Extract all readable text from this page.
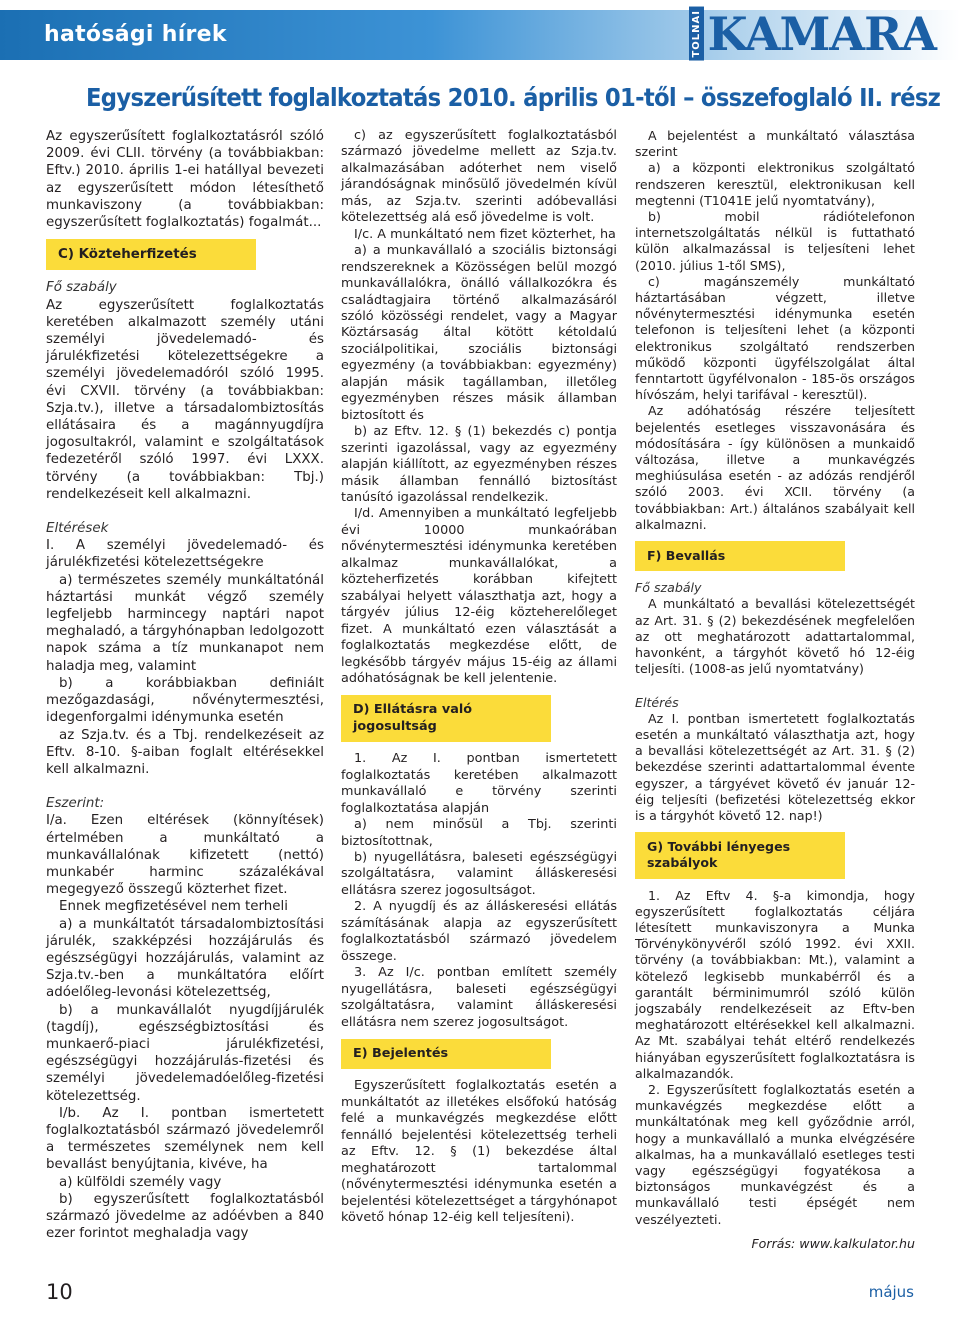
hatósági hírek	TOLNAI KAMARA
Egyszerűsített foglalkoztatás 2010. április 01-től – összefoglaló II. rész
Az egyszerűsített foglalkoztatásról szóló 2009. évi CLII. törvény (a továbbiakban: Eftv.) 2010. április 1-ei hatállyal bevezeti az egyszerűsített módon létesíthető munkaviszony (a továbbiakban: egyszerűsített foglalkoztatás) fogalmát...
C) Közteherfizetés
Fő szabály
Az egyszerűsített foglalkoztatás keretében alkalmazott személy utáni személyi jövedelemadó- és járulékfizetési kötelezettségekre a személyi jövedelemadóról szóló 1995. évi CXVII. törvény (a továbbiakban: Szja.tv.), illetve a társadalombiztosítás ellátásaira és a magánnyugdíjra jogosultakról, valamint e szolgáltatások fedezetéről szóló 1997. évi LXXX. törvény (a továbbiakban: Tbj.) rendelkezéseit kell alkalmazni.
Eltérések
I. A személyi jövedelemadó- és járulékfizetési kötelezettségekre
a) természetes személy munkáltatónál háztartási munkát végző személy legfeljebb harmincegy naptári napot meghaladó, a tárgyhónapban ledolgozott napok száma a tíz munkanapot nem haladja meg, valamint
b) a korábbiakban definiált mezőgazdasági, nővénytermesztési, idegenforgalmi idénymunka esetén
az Szja.tv. és a Tbj. rendelkezéseit az Eftv. 8-10. §-aiban foglalt eltérésekkel kell alkalmazni.
Eszerint:
I/a. Ezen eltérések (könnyítések) értelmében a munkáltató a munkavállalónak kifizetett (nettó) munkabér harminc százalékával megegyező összegű közterhet fizet.
Ennek megfizetésével nem terheli
a) a munkáltatót társadalombiztosítási járulék, szakképzési hozzájárulás és egészségügyi hozzájárulás, valamint az Szja.tv.-ben a munkáltatóra előírt adóelőleg-levonási kötelezettség,
b) a munkavállalót nyugdíjjárulék (tagdíj), egészségbiztosítási és munkaerő-piaci járulékfizetési, egészségügyi hozzájárulás-fizetési és személyi jövedelemadóelőleg-fizetési kötelezettség.
I/b. Az I. pontban ismertetett foglalkoztatásból származó jövedelemről a természetes személynek nem kell bevallást benyújtania, kivéve, ha
a) külföldi személy vagy
b) egyszerűsített foglalkoztatásból származó jövedelme az adóévben a 840 ezer forintot meghaladja vagy
c) az egyszerűsített foglalkoztatásból származó jövedelme mellett az Szja.tv. alkalmazásában adóterhet nem viselő járandóságnak minősülő jövedelmén kívül más, az Szja.tv. szerinti adóbevallási kötelezettség alá eső jövedelme is volt.
I/c. A munkáltató nem fizet közterhet, ha
a) a munkavállaló a szociális biztonsági rendszereknek a Közösségen belül mozgó munkavállalókra, önálló vállalkozókra és családtagjaira történő alkalmazásáról szóló közösségi rendelet, vagy a Magyar Köztársaság által kötött kétoldalú szociálpolitikai, szociális biztonsági egyezmény (a továbbiakban: egyezmény) alapján másik tagállamban, illetőleg egyezményben részes másik államban biztosított és
b) az Eftv. 12. § (1) bekezdés c) pontja szerinti igazolással, vagy az egyezmény alapján kiállított, az egyezményben részes másik államban fennálló biztosítást tanúsító igazolással rendelkezik.
I/d. Amennyiben a munkáltató legfeljebb évi 10000 munkaórában nővénytermesztési idénymunka keretében alkalmaz munkavállalókat, a közteherfizetés korábban kifejtett szabályai helyett választhatja azt, hogy a tárgyév július 12-éig közteherelőleget fizet. A munkáltató ezen választását a foglalkoztatás megkezdése előtt, de legkésőbb tárgyév május 15-éig az állami adóhatóságnak be kell jelentenie.
D) Ellátásra való jogosultság
1. Az I. pontban ismertetett foglalkoztatás keretében alkalmazott munkavállaló e törvény szerinti foglalkoztatása alapján
a) nem minősül a Tbj. szerinti biztosítottnak,
b) nyugellátásra, baleseti egészségügyi szolgáltatásra, valamint álláskeresési ellátásra szerez jogosultságot.
2. A nyugdíj és az álláskeresési ellátás számításának alapja az egyszerűsített foglalkoztatásból származó jövedelem összege.
3. Az I/c. pontban említett személy nyugellátásra, baleseti egészségügyi szolgáltatásra, valamint álláskeresési ellátásra nem szerez jogosultságot.
E) Bejelentés
Egyszerűsített foglalkoztatás esetén a munkáltatót az illetékes elsőfokú hatóság felé a munkavégzés megkezdése előtt fennálló bejelentési kötelezettség terheli az Eftv. 12. § (1) bekezdése által meghatározott tartalommal (nővénytermesztési idénymunka esetén a bejelentési kötelezettséget a tárgyhónapot követő hónap 12-éig kell teljesíteni).
A bejelentést a munkáltató választása szerint
a) a központi elektronikus szolgáltató rendszeren keresztül, elektronikusan kell megtenni (T1041E jelű nyomtatvány),
b) mobil rádiótelefonon internetszolgáltatás nélkül is futtatható külön alkalmazással is teljesíteni lehet (2010. július 1-től SMS),
c) magánszemély munkáltató háztartásában végzett, illetve nővénytermesztési idénymunka esetén telefonon is teljesíteni lehet (a központi elektronikus szolgáltató rendszerben működő központi ügyfélszolgálat által fenntartott ügyfélvonalon - 185-ös országos hívószám, helyi tarifával - keresztül).
Az adóhatóság részére teljesített bejelentés esetleges visszavonására és módosítására - így különösen a munkaidő változása, illetve a munkavégzés meghiúsulása esetén - az adózás rendjéről szóló 2003. évi XCII. törvény (a továbbiakban: Art.) általános szabályait kell alkalmazni.
F) Bevallás
Fő szabály
A munkáltató a bevallási kötelezettségét az Art. 31. § (2) bekezdésének megfelelően az ott meghatározott adattartalommal, havonként, a tárgyhót követő hó 12-éig teljesíti. (1008-as jelű nyomtatvány)
Eltérés
Az I. pontban ismertetett foglalkoztatás esetén a munkáltató választhatja azt, hogy a bevallási kötelezettségét az Art. 31. § (2) bekezdése szerinti adattartalommal évente egyszer, a tárgyévet követő év január 12-éig teljesíti (befizetési kötelezettség ekkor is a tárgyhót követő 12. nap!)
G) További lényeges szabályok
1. Az Eftv 4. §-a kimondja, hogy egyszerűsített foglalkoztatás céljára létesített munkaviszonyra a Munka Törvénykönyvéről szóló 1992. évi XXII. törvény (a továbbiakban: Mt.), valamint a kötelező legkisebb munkabérről és a garantált bérminimumról szóló külön jogszabály rendelkezéseit az Eftv-ben meghatározott eltérésekkel kell alkalmazni. Az Mt. szabályai tehát eltérő rendelkezés hiányában egyszerűsített foglalkoztatásra is alkalmazandók.
2. Egyszerűsített foglalkoztatás esetén a munkavégzés megkezdése előtt a munkáltatónak meg kell győződnie arról, hogy a munkavállaló a munka elvégzésére alkalmas, ha a munkavállaló esetleges testi vagy egészségügyi fogyatékosa a biztonságos munkavégzést és a munkavállaló testi épségét nem veszélyezteti.
Forrás: www.kalkulator.hu
10	május
